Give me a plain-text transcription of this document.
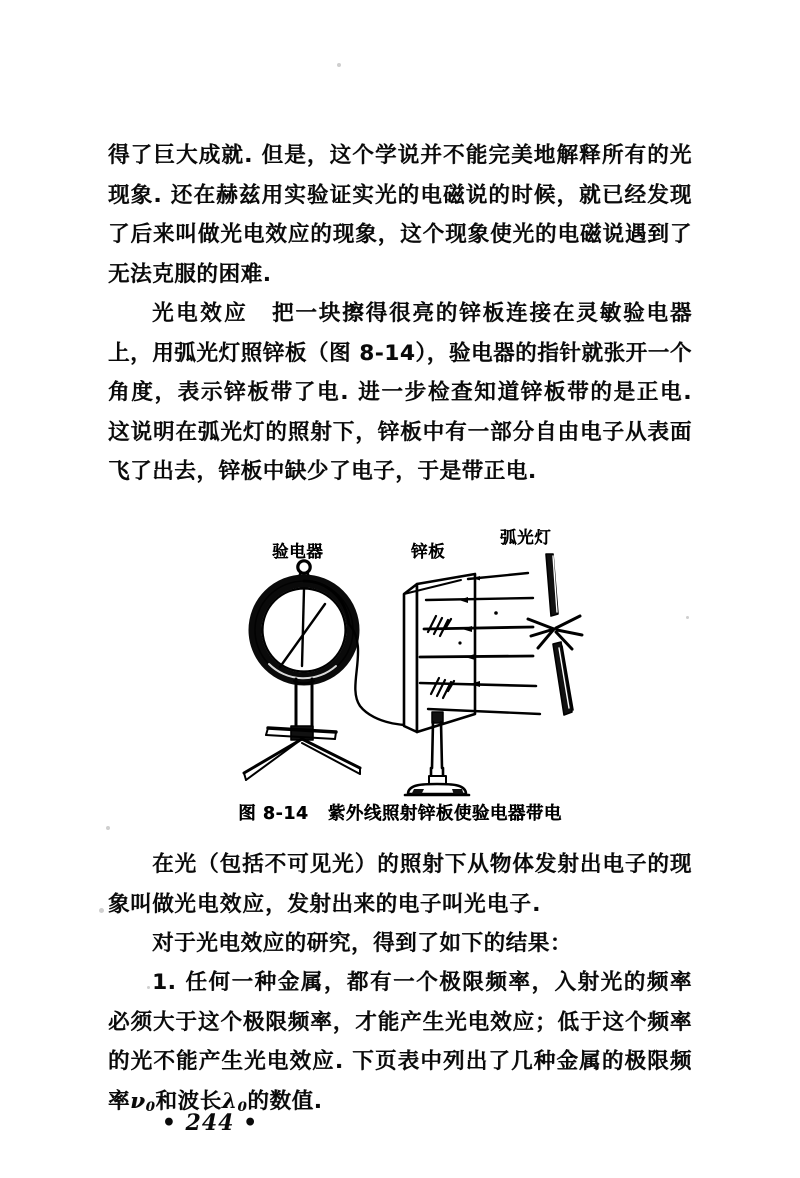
得了巨大成就. 但是，这个学说并不能完美地解释所有的光现象. 还在赫兹用实验证实光的电磁说的时候，就已经发现了后来叫做光电效应的现象，这个现象使光的电磁说遇到了无法克服的困难.

光电效应 把一块擦得很亮的锌板连接在灵敏验电器上，用弧光灯照锌板（图 8-14），验电器的指针就张开一个角度，表示锌板带了电. 进一步检查知道锌板带的是正电. 这说明在弧光灯的照射下，锌板中有一部分自由电子从表面飞了出去，锌板中缺少了电子，于是带正电.

验电器	锌板
弧光灯
图 8-14 紫外线照射锌板使验电器带电

在光（包括不可见光）的照射下从物体发射出电子的现象叫做光电效应，发射出来的电子叫光电子.

对于光电效应的研究，得到了如下的结果：

1. 任何一种金属，都有一个极限频率，入射光的频率必须大于这个极限频率，才能产生光电效应；低于这个频率的光不能产生光电效应. 下页表中列出了几种金属的极限频率$\nu_0$和波长$\lambda_0$的数值.

• 244 •
